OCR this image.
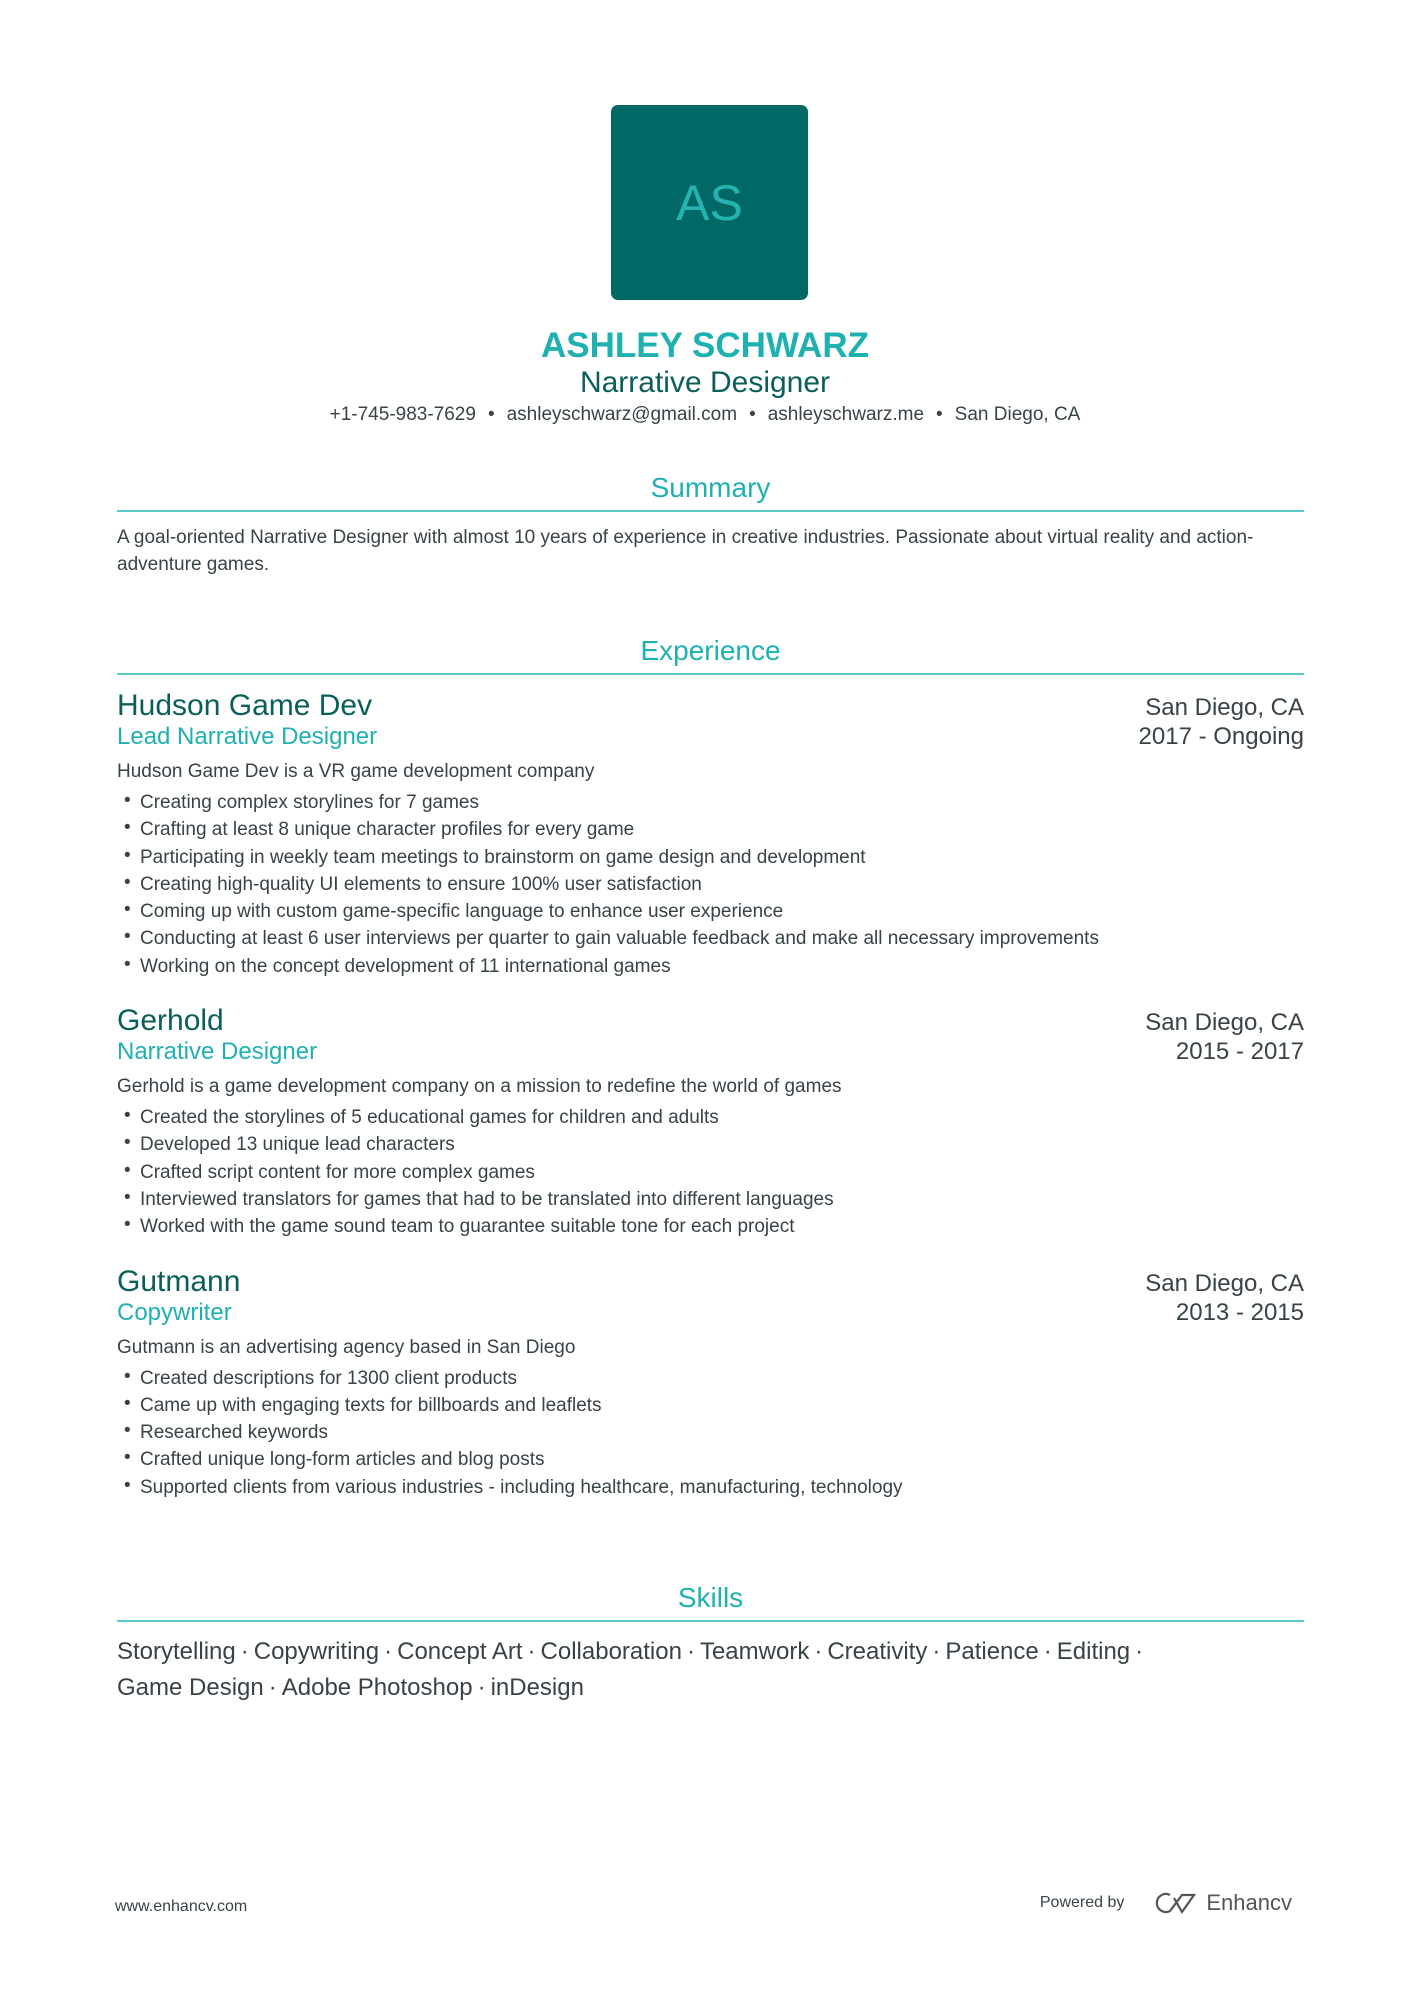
AS
ASHLEY SCHWARZ
Narrative Designer
+1-745-983-7629 • ashleyschwarz@gmail.com • ashleyschwarz.me • San Diego, CA
Summary
A goal-oriented Narrative Designer with almost 10 years of experience in creative industries. Passionate about virtual reality and action-adventure games.
Experience
Hudson Game Dev	San Diego, CA
Lead Narrative Designer	2017 - Ongoing
Hudson Game Dev is a VR game development company
• Creating complex storylines for 7 games
• Crafting at least 8 unique character profiles for every game
• Participating in weekly team meetings to brainstorm on game design and development
• Creating high-quality UI elements to ensure 100% user satisfaction
• Coming up with custom game-specific language to enhance user experience
• Conducting at least 6 user interviews per quarter to gain valuable feedback and make all necessary improvements
• Working on the concept development of 11 international games
Gerhold	San Diego, CA
Narrative Designer	2015 - 2017
Gerhold is a game development company on a mission to redefine the world of games
• Created the storylines of 5 educational games for children and adults
• Developed 13 unique lead characters
• Crafted script content for more complex games
• Interviewed translators for games that had to be translated into different languages
• Worked with the game sound team to guarantee suitable tone for each project
Gutmann	San Diego, CA
Copywriter	2013 - 2015
Gutmann is an advertising agency based in San Diego
• Created descriptions for 1300 client products
• Came up with engaging texts for billboards and leaflets
• Researched keywords
• Crafted unique long-form articles and blog posts
• Supported clients from various industries - including healthcare, manufacturing, technology
Skills
Storytelling · Copywriting · Concept Art · Collaboration · Teamwork · Creativity · Patience · Editing ·
Game Design · Adobe Photoshop · inDesign
www.enhancv.com	Powered by	Enhancv
